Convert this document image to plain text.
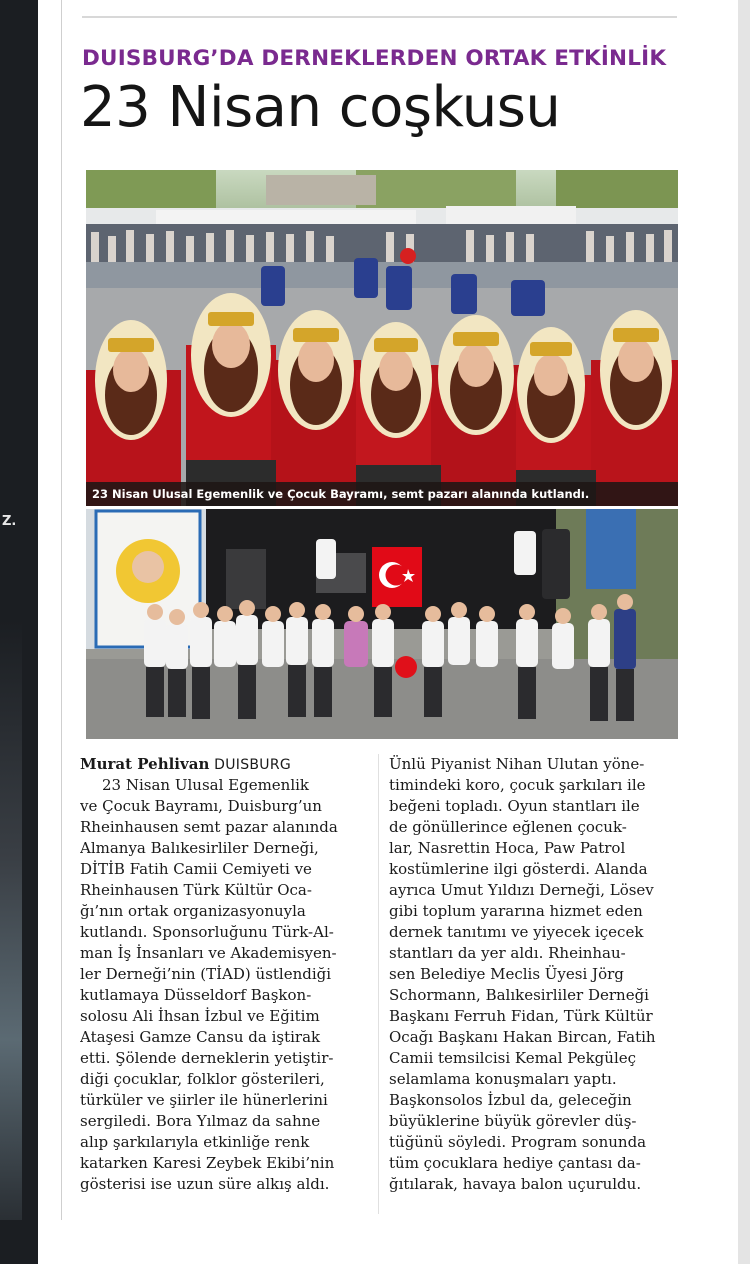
Z.
DUISBURG’DA DERNEKLERDEN ORTAK ETKİNLİK
23 Nisan coşkusu
23 Nisan Ulusal Egemenlik ve Çocuk Bayramı, semt pazarı alanında kutlandı.
Murat Pehlivan DUISBURG
23 Nisan Ulusal Egemenlik
ve Çocuk Bayramı, Duisburg’un
Rheinhausen semt pazar alanında
Almanya Balıkesirliler Derneği,
DİTİB Fatih Camii Cemiyeti ve
Rheinhausen Türk Kültür Oca-
ğı’nın ortak organizasyonuyla
kutlandı. Sponsorluğunu Türk-Al-
man İş İnsanları ve Akademisyen-
ler Derneği’nin (TİAD) üstlendiği
kutlamaya Düsseldorf Başkon-
solosu Ali İhsan İzbul ve Eğitim
Ataşesi Gamze Cansu da iştirak
etti. Şölende derneklerin yetiştir-
diği çocuklar, folklor gösterileri,
türküler ve şiirler ile hünerlerini
sergiledi. Bora Yılmaz da sahne
alıp şarkılarıyla etkinliğe renk
katarken Karesi Zeybek Ekibi’nin
gösterisi ise uzun süre alkış aldı.
Ünlü Piyanist Nihan Ulutan yöne-
timindeki koro, çocuk şarkıları ile
beğeni topladı. Oyun stantları ile
de gönüllerince eğlenen çocuk-
lar, Nasrettin Hoca, Paw Patrol
kostümlerine ilgi gösterdi. Alanda
ayrıca Umut Yıldızı Derneği, Lösev
gibi toplum yararına hizmet eden
dernek tanıtımı ve yiyecek içecek
stantları da yer aldı. Rheinhau-
sen Belediye Meclis Üyesi Jörg
Schormann, Balıkesirliler Derneği
Başkanı Ferruh Fidan, Türk Kültür
Ocağı Başkanı Hakan Bircan, Fatih
Camii temsilcisi Kemal Pekgüleç
selamlama konuşmaları yaptı.
Başkonsolos İzbul da, geleceğin
büyüklerine büyük görevler düş-
tüğünü söyledi. Program sonunda
tüm çocuklara hediye çantası da-
ğıtılarak, havaya balon uçuruldu.
